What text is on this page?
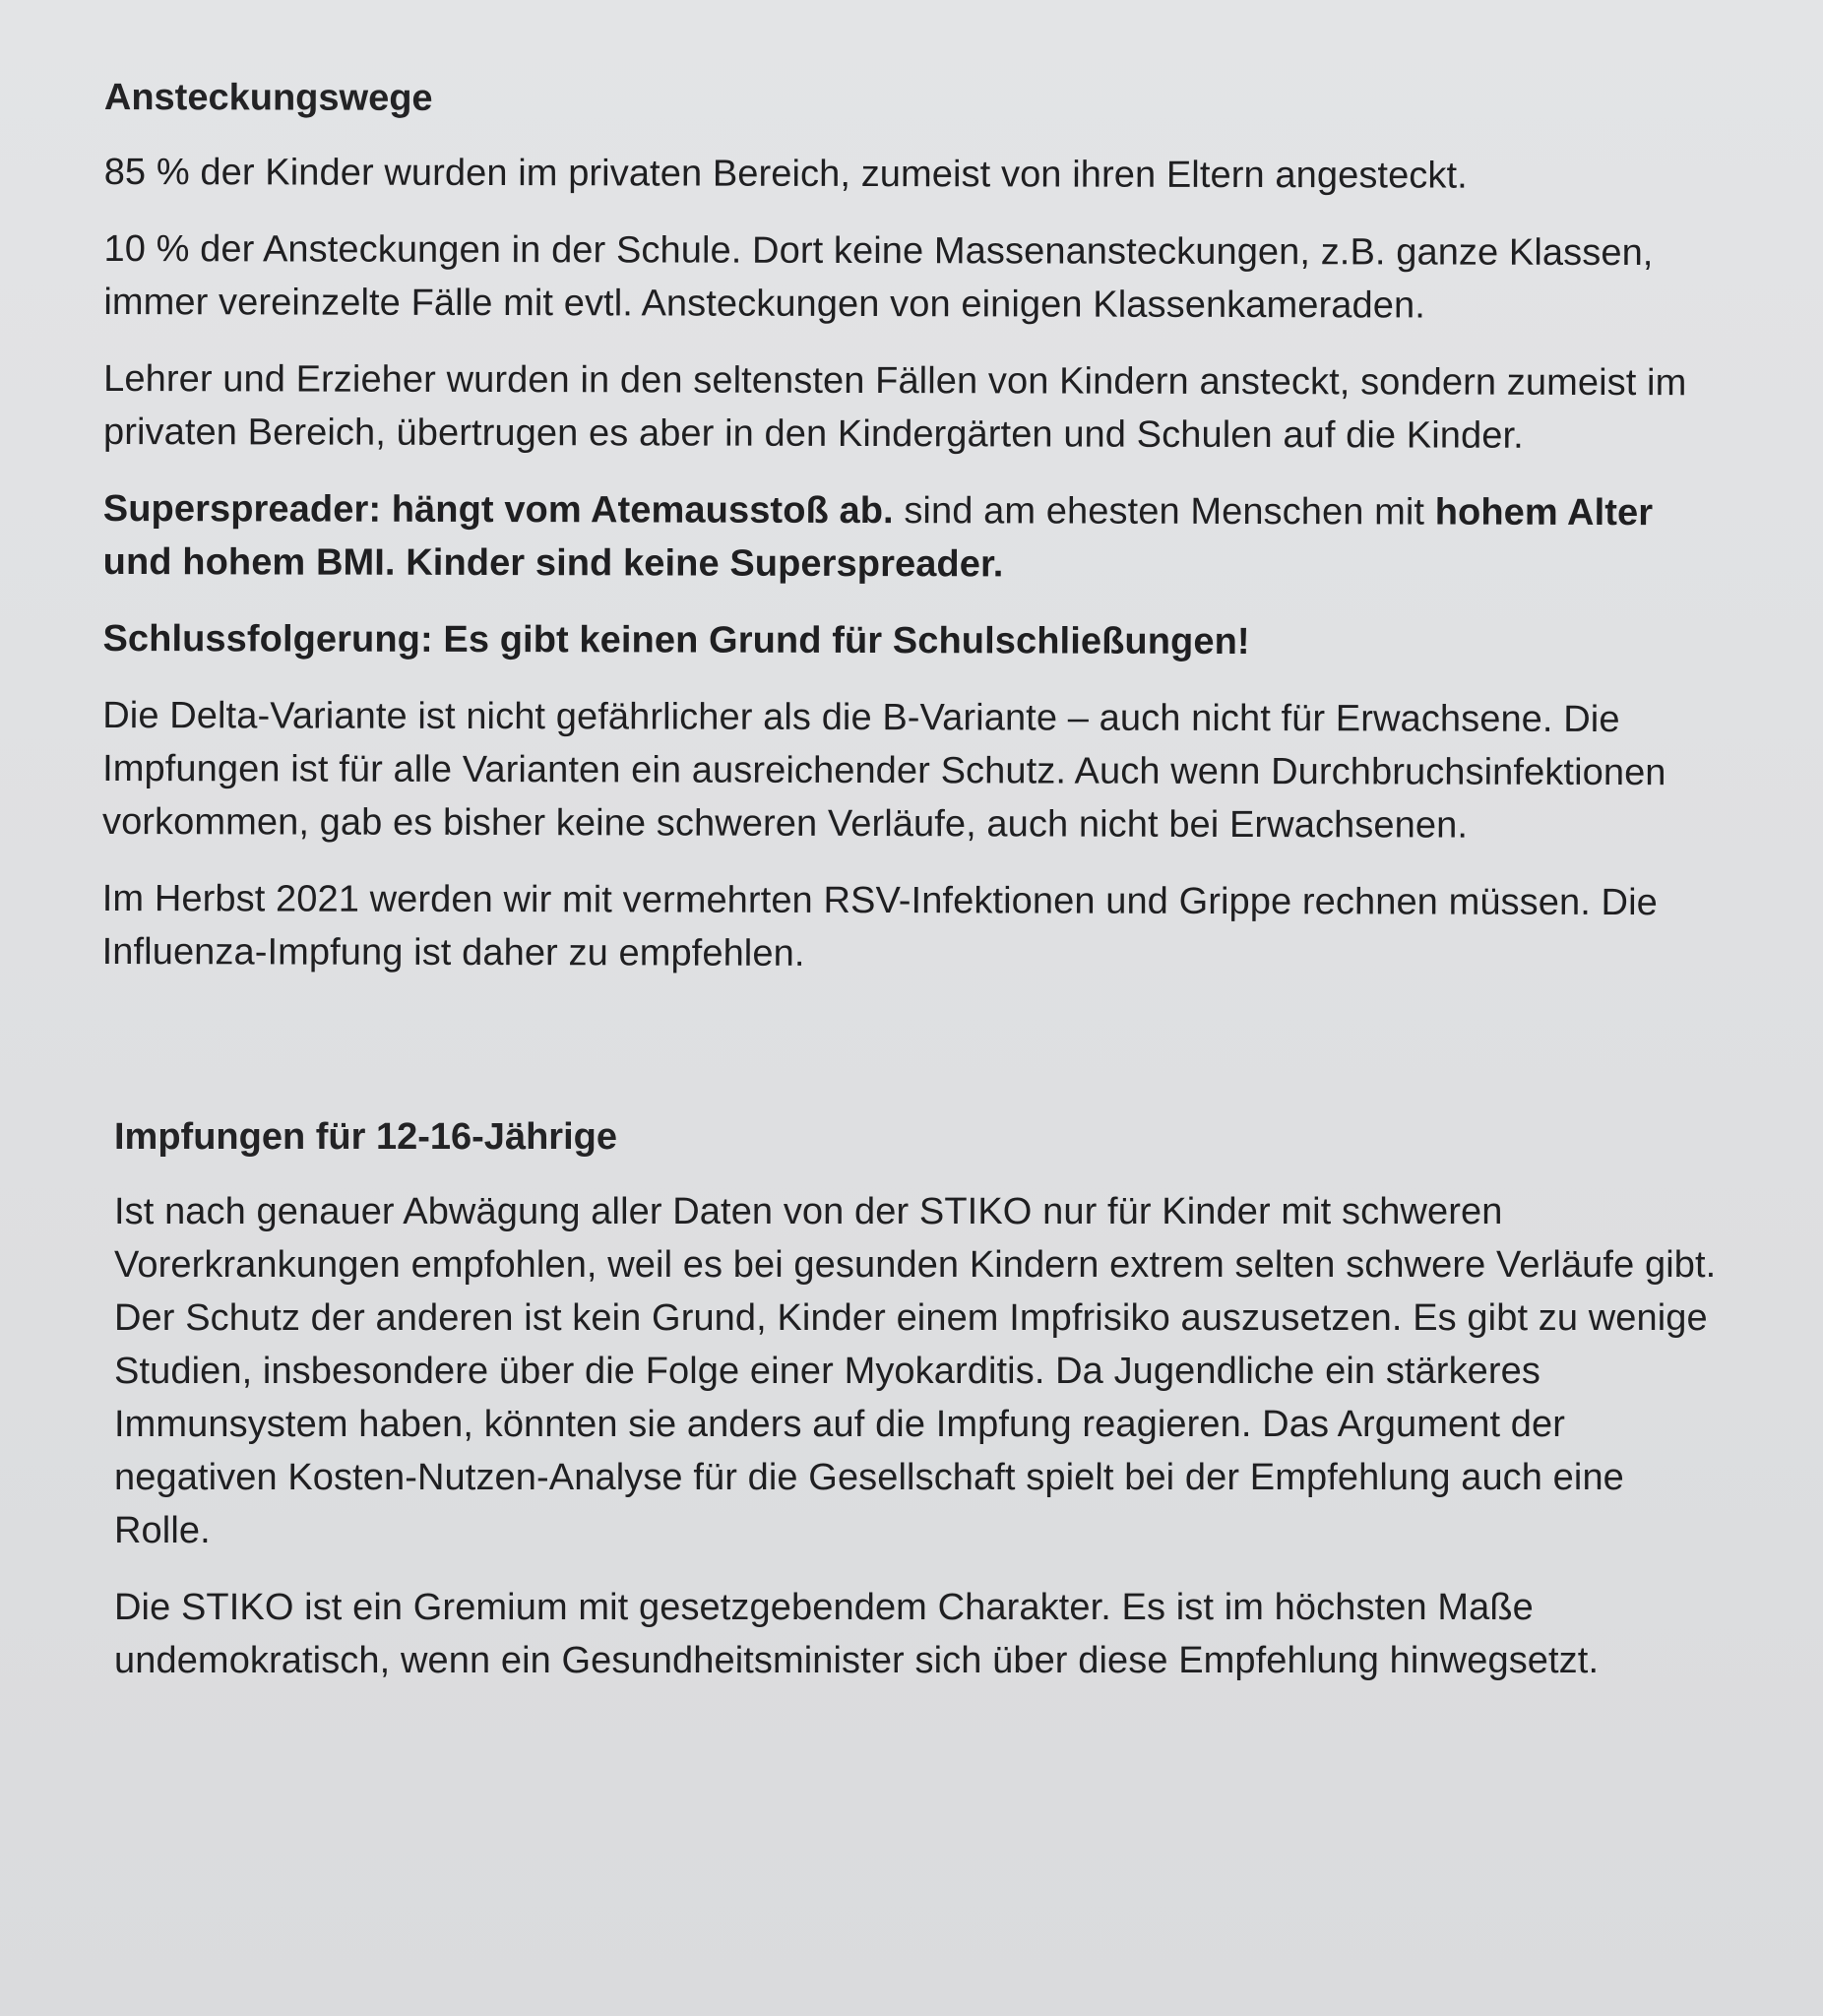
Ansteckungswege

85 % der Kinder wurden im privaten Bereich, zumeist von ihren Eltern angesteckt.

10 % der Ansteckungen in der Schule. Dort keine Massenansteckungen, z.B. ganze Klassen, immer vereinzelte Fälle mit evtl. Ansteckungen von einigen Klassenkameraden.

Lehrer und Erzieher wurden in den seltensten Fällen von Kindern ansteckt, sondern zumeist im privaten Bereich, übertrugen es aber in den Kindergärten und Schulen auf die Kinder.

Superspreader: hängt vom Atemausstoß ab. sind am ehesten Menschen mit hohem Alter und hohem BMI. Kinder sind keine Superspreader.

Schlussfolgerung: Es gibt keinen Grund für Schulschließungen!

Die Delta-Variante ist nicht gefährlicher als die B-Variante – auch nicht für Erwachsene. Die Impfungen ist für alle Varianten ein ausreichender Schutz. Auch wenn Durchbruchsinfektionen vorkommen, gab es bisher keine schweren Verläufe, auch nicht bei Erwachsenen.

Im Herbst 2021 werden wir mit vermehrten RSV-Infektionen und Grippe rechnen müssen. Die Influenza-Impfung ist daher zu empfehlen.

Impfungen für 12-16-Jährige

Ist nach genauer Abwägung aller Daten von der STIKO nur für Kinder mit schweren Vorerkrankungen empfohlen, weil es bei gesunden Kindern extrem selten schwere Verläufe gibt. Der Schutz der anderen ist kein Grund, Kinder einem Impfrisiko auszusetzen. Es gibt zu wenige Studien, insbesondere über die Folge einer Myokarditis. Da Jugendliche ein stärkeres Immunsystem haben, könnten sie anders auf die Impfung reagieren. Das Argument der negativen Kosten-Nutzen-Analyse für die Gesellschaft spielt bei der Empfehlung auch eine Rolle.

Die STIKO ist ein Gremium mit gesetzgebendem Charakter. Es ist im höchsten Maße undemokratisch, wenn ein Gesundheitsminister sich über diese Empfehlung hinwegsetzt.
